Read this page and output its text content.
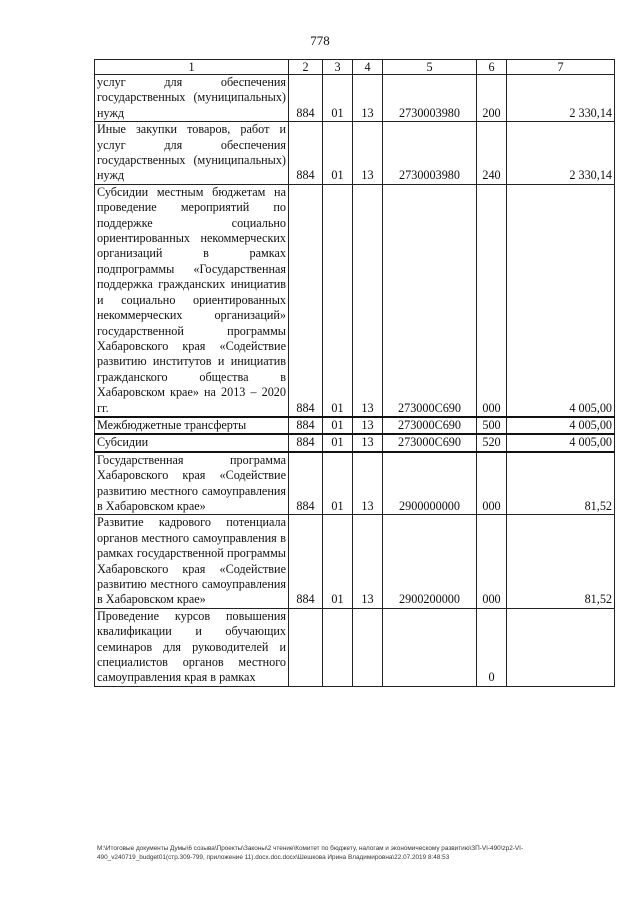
778
1	2	3	4	5	6	7
услуг для обеспечения государственных (муниципальных) нужд	884	01	13	2730003980	200	2 330,14
Иные закупки товаров, работ и услуг для обеспечения государственных (муниципальных) нужд	884	01	13	2730003980	240	2 330,14
Субсидии местным бюджетам на проведение мероприятий по поддержке социально ориентированных некоммерческих организаций в рамках подпрограммы «Государственная поддержка гражданских инициатив и социально ориентированных некоммерческих организаций» государственной программы Хабаровского края «Содействие развитию институтов и инициатив гражданского общества в Хабаровском крае» на 2013 – 2020 гг.	884	01	13	273000С690	000	4 005,00
Межбюджетные трансферты	884	01	13	273000С690	500	4 005,00
Субсидии	884	01	13	273000С690	520	4 005,00
Государственная программа Хабаровского края «Содействие развитию местного самоуправления в Хабаровском крае»	884	01	13	2900000000	000	81,52
Развитие кадрового потенциала органов местного самоуправления в рамках государственной программы Хабаровского края «Содействие развитию местного самоуправления в Хабаровском крае»	884	01	13	2900200000	000	81,52
Проведение курсов повышения квалификации и обучающих семинаров для руководителей и специалистов органов местного самоуправления края в рамках					0	
M:\Итоговые документы Думы\6 созыва\Проекты\Законы\2 чтение\Комитет по бюджету, налогам и экономическому развитию\ЗП-VI-490\zp2-VI-
490_v240719_budget01(стр.309-799, приложение 11).docx.doc.docx\Шешкова Ирина Владимировна\22.07.2019 8:48:53
